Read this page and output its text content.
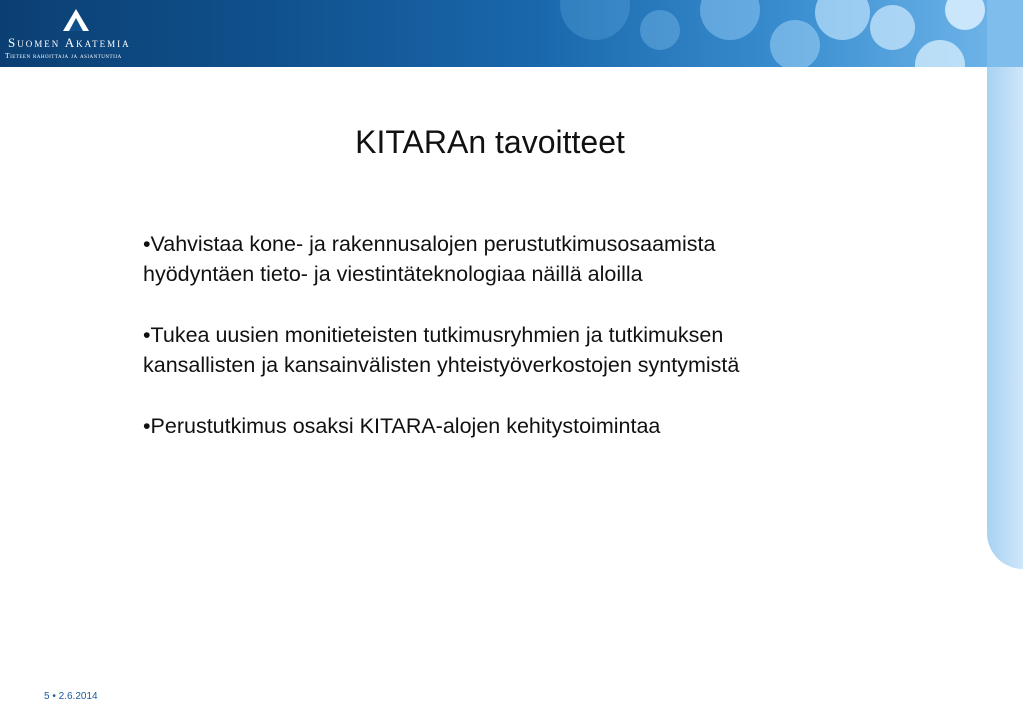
Suomen Akatemia
Tieteen rahoittaja ja asiantuntija
KITARAn tavoitteet

•Vahvistaa kone- ja rakennusalojen perustutkimusosaamista
hyödyntäen tieto- ja viestintäteknologiaa näillä aloilla

•Tukea uusien monitieteisten tutkimusryhmien ja tutkimuksen
kansallisten ja kansainvälisten yhteistyöverkostojen syntymistä

•Perustutkimus osaksi KITARA-alojen kehitystoimintaa

5 • 2.6.2014
